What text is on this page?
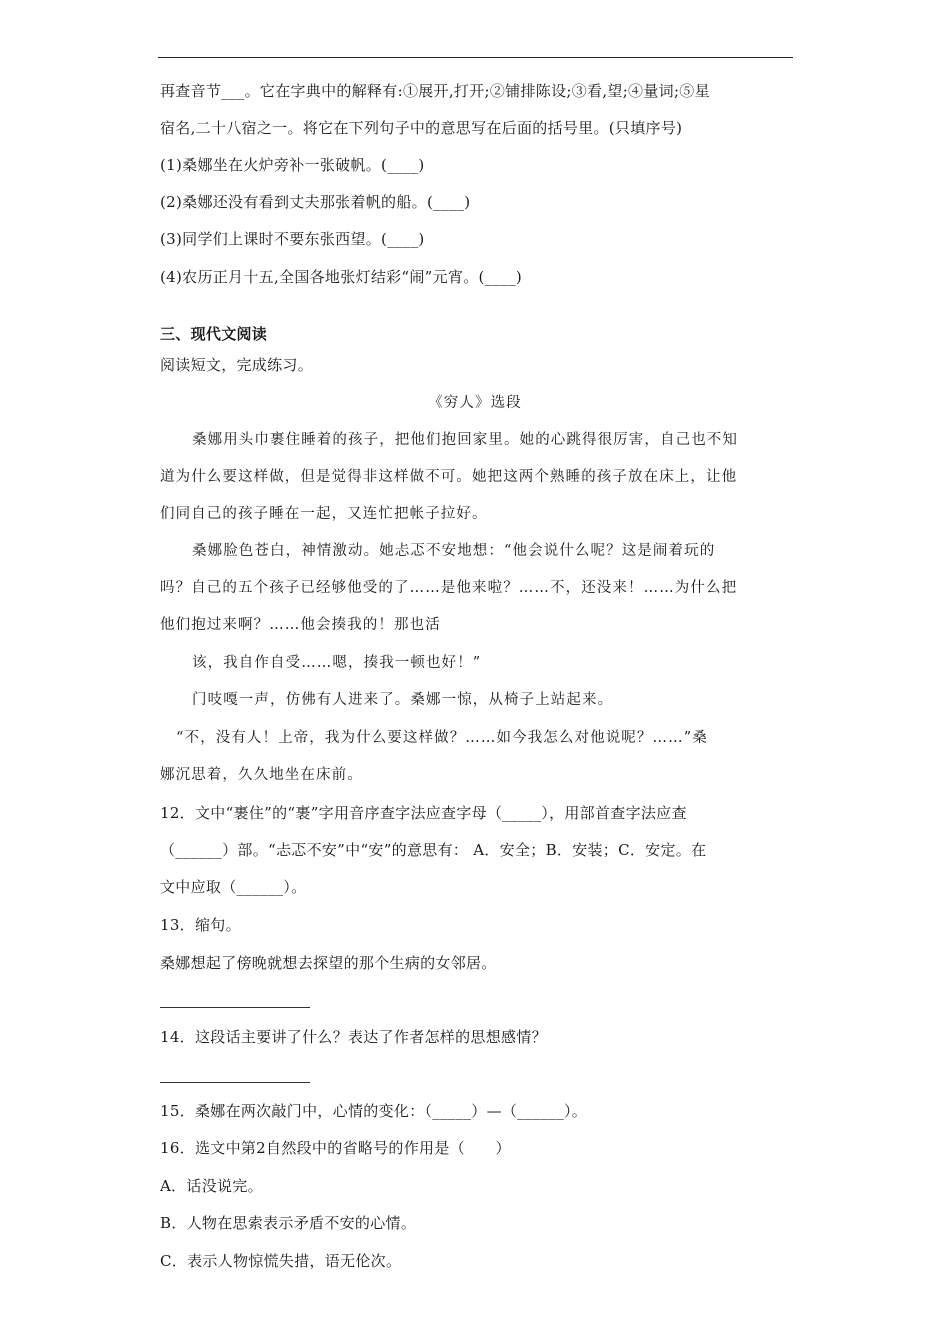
再查音节___。它在字典中的解释有:①展开,打开;②铺排陈设;③看,望;④量词;⑤星
宿名,二十八宿之一。将它在下列句子中的意思写在后面的括号里。(只填序号)
(1)桑娜坐在火炉旁补一张破帆。(____)
(2)桑娜还没有看到丈夫那张着帆的船。(____)
(3)同学们上课时不要东张西望。(____)
(4)农历正月十五,全国各地张灯结彩“闹”元宵。(____)
三、现代文阅读
阅读短文，完成练习。
《穷人》选段
桑娜用头巾裹住睡着的孩子，把他们抱回家里。她的心跳得很厉害，自己也不知
道为什么要这样做，但是觉得非这样做不可。她把这两个熟睡的孩子放在床上，让他
们同自己的孩子睡在一起，又连忙把帐子拉好。
桑娜脸色苍白，神情激动。她忐忑不安地想：“他会说什么呢？这是闹着玩的
吗？自己的五个孩子已经够他受的了……是他来啦？……不，还没来！……为什么把
他们抱过来啊？……他会揍我的！那也活
该，我自作自受……嗯，揍我一顿也好！”
门吱嘎一声，仿佛有人进来了。桑娜一惊，从椅子上站起来。
“不，没有人！上帝，我为什么要这样做？……如今我怎么对他说呢？……”桑
娜沉思着，久久地坐在床前。
12．文中“裹住”的“裹”字用音序查字法应查字母（_____），用部首查字法应查
（______）部。“忐忑不安”中“安”的意思有： A．安全；B．安装；C．安定。在
文中应取（______）。
13．缩句。
桑娜想起了傍晚就想去探望的那个生病的女邻居。
14．这段话主要讲了什么？表达了作者怎样的思想感情？
15．桑娜在两次敲门中，心情的变化：（_____）—（______）。
16．选文中第2自然段中的省略号的作用是（　　）
A．话没说完。
B．人物在思索表示矛盾不安的心情。
C．表示人物惊慌失措，语无伦次。
